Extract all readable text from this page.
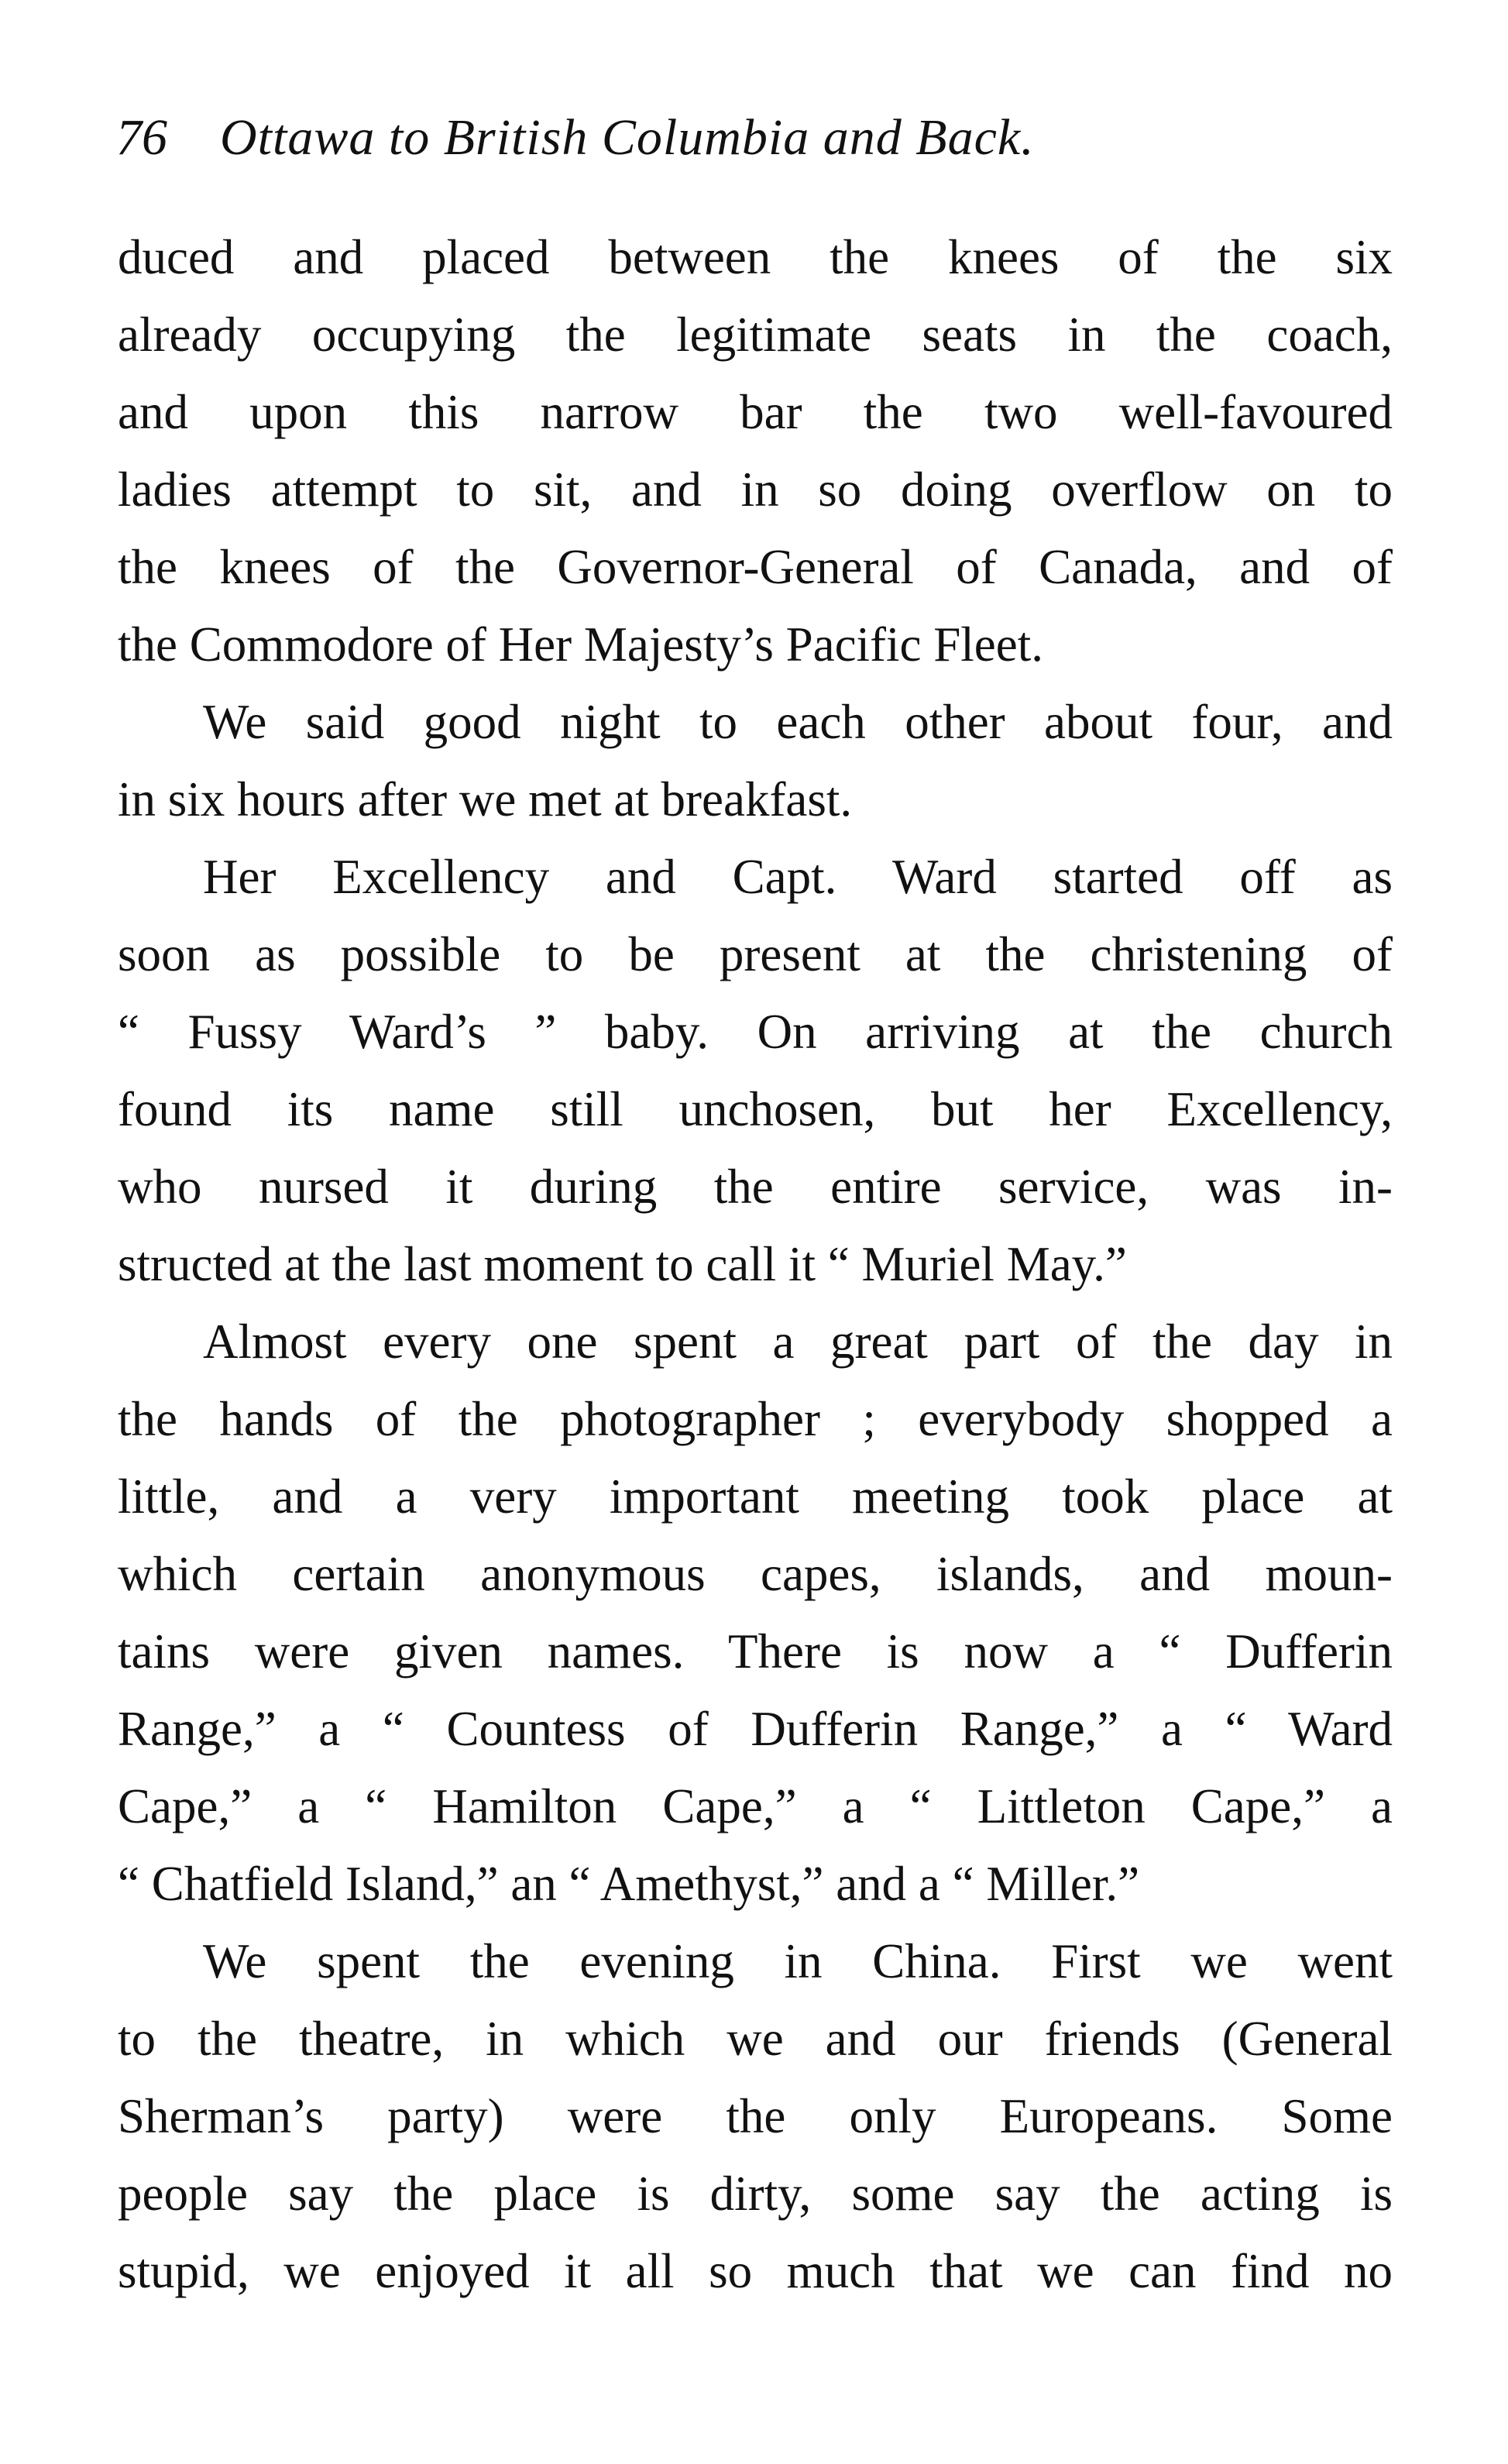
76 Ottawa to British Columbia and Back.
duced and placed between the knees of the six
already occupying the legitimate seats in the coach,
and upon this narrow bar the two well-favoured
ladies attempt to sit, and in so doing overflow on to
the knees of the Governor-General of Canada, and of
the Commodore of Her Majesty’s Pacific Fleet.
We said good night to each other about four, and
in six hours after we met at breakfast.
Her Excellency and Capt. Ward started off as
soon as possible to be present at the christening of
“ Fussy Ward’s ” baby. On arriving at the church
found its name still unchosen, but her Excellency,
who nursed it during the entire service, was in-
structed at the last moment to call it “ Muriel May.”
Almost every one spent a great part of the day in
the hands of the photographer ; everybody shopped a
little, and a very important meeting took place at
which certain anonymous capes, islands, and moun-
tains were given names. There is now a “ Dufferin
Range,” a “ Countess of Dufferin Range,” a “ Ward
Cape,” a “ Hamilton Cape,” a “ Littleton Cape,” a
“ Chatfield Island,” an “ Amethyst,” and a “ Miller.”
We spent the evening in China. First we went
to the theatre, in which we and our friends (General
Sherman’s party) were the only Europeans. Some
people say the place is dirty, some say the acting is
stupid, we enjoyed it all so much that we can find no
